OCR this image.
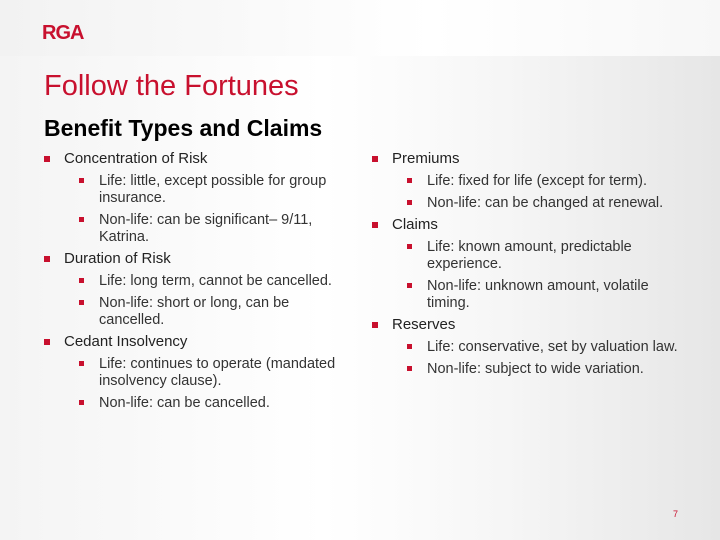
RGA
Follow the Fortunes
Benefit Types and Claims
Concentration of Risk
Life: little, except possible for group insurance.
Non-life: can be significant– 9/11, Katrina.
Duration of Risk
Life: long term, cannot be cancelled.
Non-life: short or long, can be cancelled.
Cedant Insolvency
Life: continues to operate (mandated insolvency clause).
Non-life: can be cancelled.
Premiums
Life: fixed for life (except for term).
Non-life: can be changed at renewal.
Claims
Life: known amount, predictable experience.
Non-life: unknown amount, volatile timing.
Reserves
Life: conservative, set by valuation law.
Non-life: subject to wide variation.
7
